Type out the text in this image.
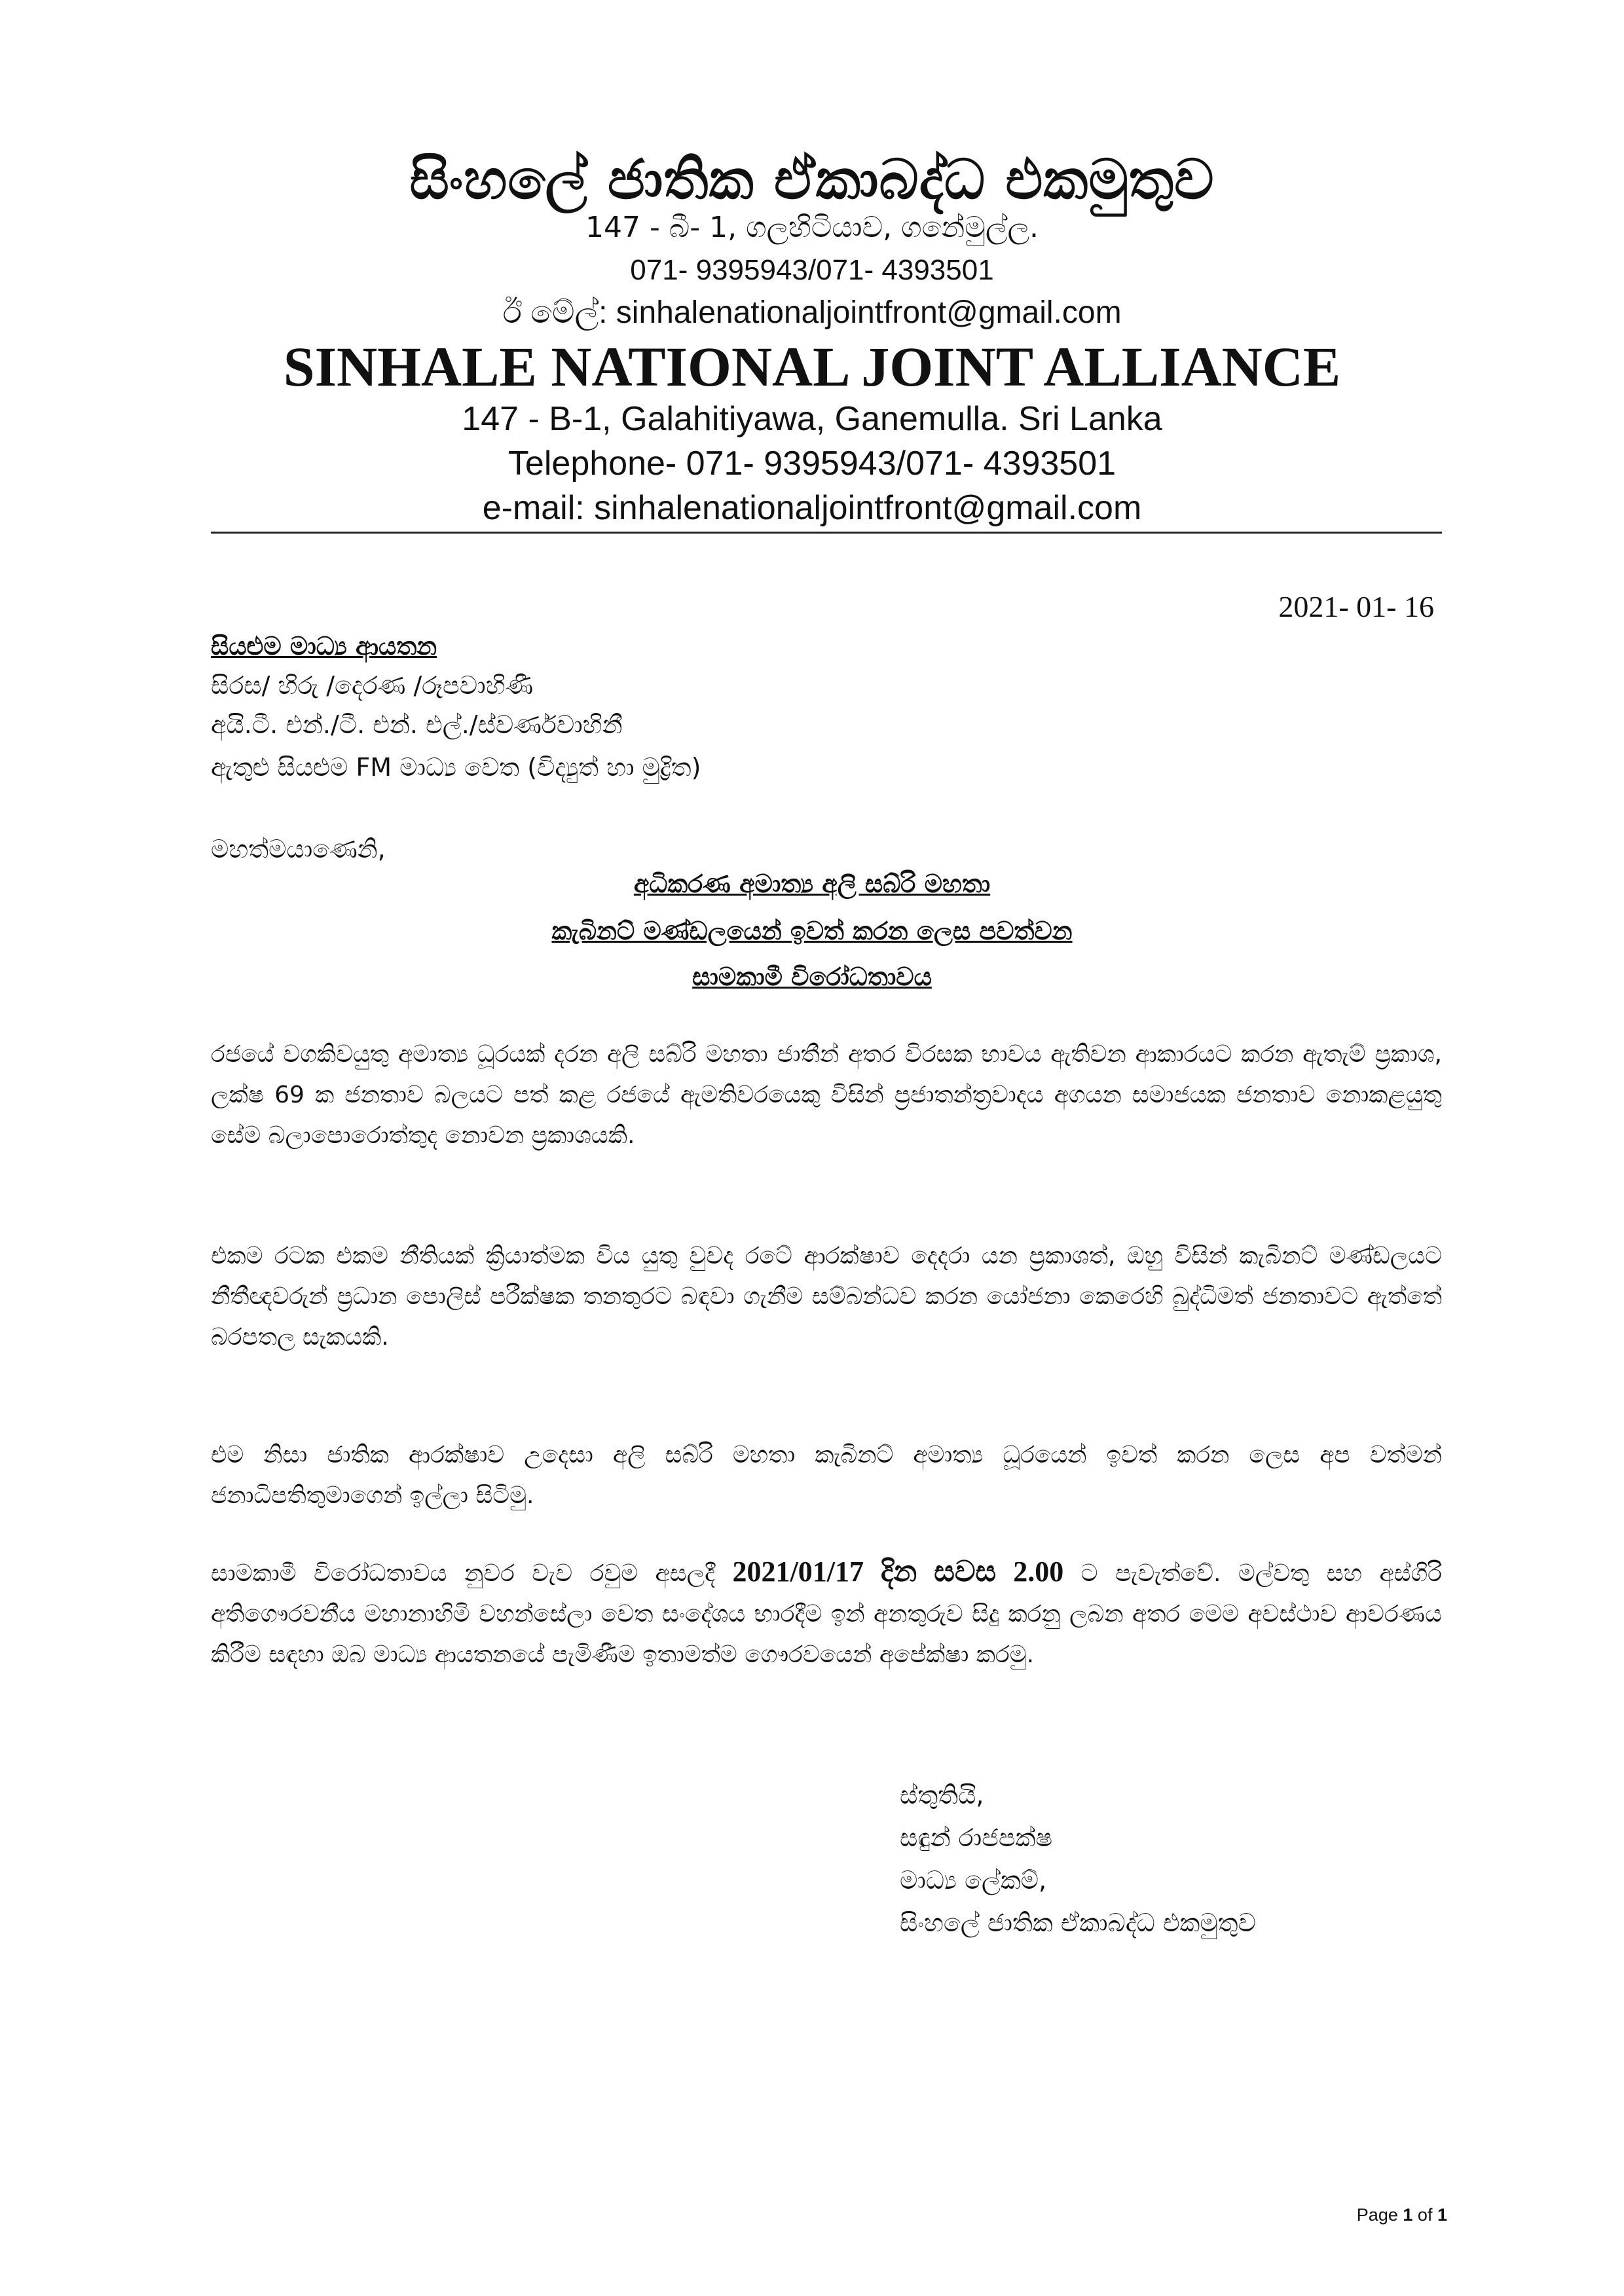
සිංහලේ ජාතික ඒකාබද්ධ එකමුතුව
147 - බී- 1, ගලහිටියාව, ගනේමුල්ල.
071- 9395943/071- 4393501
ඊ මේල්: sinhalenationaljointfront@gmail.com
SINHALE NATIONAL JOINT ALLIANCE
147 - B-1, Galahitiyawa, Ganemulla. Sri Lanka
Telephone- 071- 9395943/071- 4393501
e-mail: sinhalenationaljointfront@gmail.com
2021- 01- 16
සියළුම මාධ්‍ය ආයතන
සිරස/ හිරු /දෙරණ /රූපවාහිණී
අයි.ටී. එන්./ටී. එන්. එල්./ස්වර්ණවාහිනී
ඇතුළු සියළුම FM මාධ්‍ය වෙත (විද්‍යුත් හා මුද්‍රිත)
මහත්මයාණෙනි,
අධිකරණ අමාත්‍ය අලි සබ්රි මහතා
කැබිනට් මණ්ඩලයෙන් ඉවත් කරන ලෙස පවත්වන
සාමකාමී විරෝධතාවය
රජයේ වගකිවයුතු අමාත්‍ය ධූරයක් දරන අලි සබ්රි මහතා ජාතීන් අතර විරසක භාවය ඇතිවන ආකාරයට කරන ඇතැම් ප්‍රකාශ, ලක්ෂ 69 ක ජනතාව බලයට පත් කළ රජයේ ඇමතිවරයෙකු විසින් ප්‍රජාතන්ත්‍රවාදය අගයන සමාජයක ජනතාව නොකළයුතු සේම බලාපොරොත්තුද නොවන ප්‍රකාශයකි.
එකම රටක එකම නීතියක් ක්‍රියාත්මක විය යුතු වුවද රටේ ආරක්ෂාව දෙදරා යන ප්‍රකාශත්, ඔහු විසින් කැබිනට් මණ්ඩලයට නීතීඥවරුන් ප්‍රධාන පොලිස් පරීක්ෂක තනතුරට බඳවා ගැනීම සම්බන්ධව කරන යෝජනා කෙරෙහි බුද්ධිමත් ජනතාවට ඇත්තේ බරපතල සැකයකි.
එම නිසා ජාතික ආරක්ෂාව උදෙසා අලි සබ්රි මහතා කැබිනට් අමාත්‍ය ධූරයෙන් ඉවත් කරන ලෙස අප වත්මන් ජනාධිපතිතුමාගෙන් ඉල්ලා සිටිමු.
සාමකාමී විරෝධතාවය නුවර වැව රවුම අසලදී 2021/01/17 දින සවස 2.00 ට පැවැත්වේ. මල්වතු සහ අස්ගිරි අතිගෞරවනීය මහානාහිමි වහන්සේලා වෙත සංදේශය භාරදීම ඉන් අනතුරුව සිදු කරනු ලබන අතර මෙම අවස්ථාව ආවරණය කිරීම සඳහා ඔබ මාධ්‍ය ආයතනයේ පැමිණීම ඉතාමත්ම ගෞරවයෙන් අපේක්ෂා කරමු.
ස්තුතියි,
සඳුන් රාජපක්ෂ
මාධ්‍ය ලේකම්,
සිංහලේ ජාතික ඒකාබද්ධ එකමුතුව
Page 1 of 1
